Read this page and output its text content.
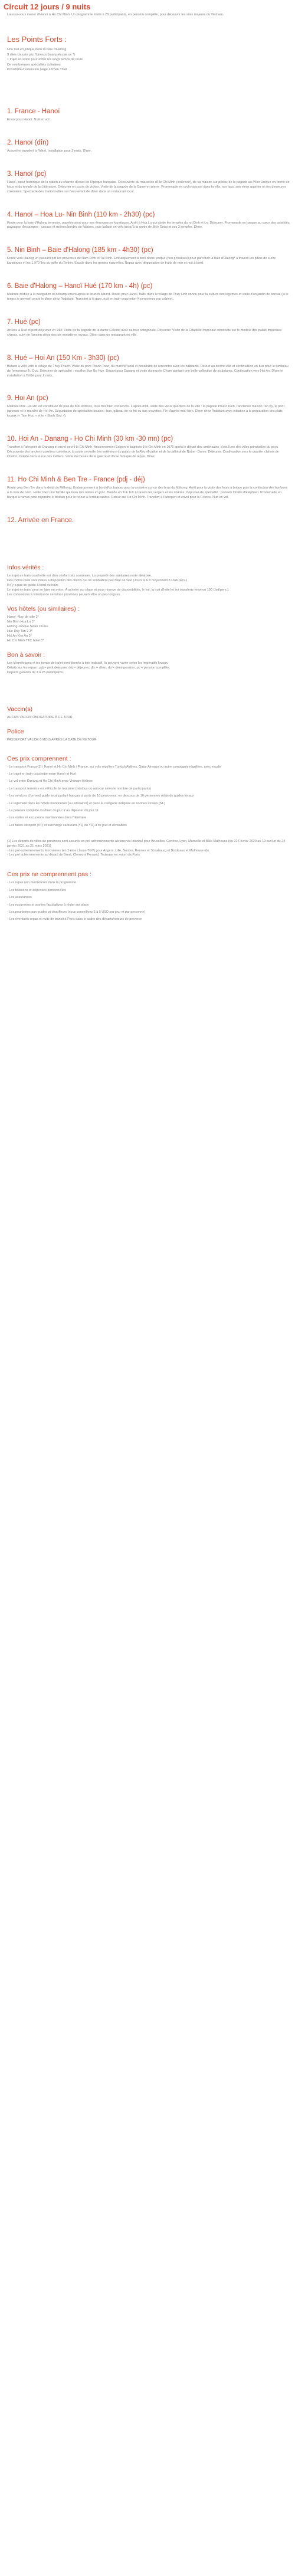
Circuit 12 jours / 9 nuits
Laissez-vous mener d'Hanoï à Ho Chi Minh. Un programme limité à 28 participants, en pension complète, pour découvrir les sites majeurs du Vietnam.
Les Points Forts :

Une nuit en jonque dans la baie d'Halong

3 sites classés par l'Unesco (marqués par un *)

1 trajet en avion pour éviter les longs temps de route

De nombreuses spécialités culinaires

Possibilité d'extension plage à Phan Thiet

1. France - Hanoï

Envol pour Hanoï. Nuit en vol.

2. Hanoï (dîn)

Accueil et transfert à l'hôtel. Installation pour 2 nuits. Dîner.

3. Hanoï (pc)

Hanoï, cœur historique de la nation au charme désuet de l'époque française. Découverte du mausolée d'Ho Chi Minh (extérieur), de sa maison sur pilotis, de la pagode au Pilier Unique en forme de lotus et du temple de la Littérature. Déjeuner en cours de visites. Visite de la pagode de la Dame en pierre. Promenade en cyclo-pousse dans la ville, ses lacs, son vieux quartier et ses demeures coloniales. Spectacle des marionnettes sur l'eau avant de dîner dans un restaurant local.

4. Hanoï – Hoa Lu- Nin Binh (110 km - 2h30) (pc)

Route pour la baie d'Halong terrestre, appelée ainsi pour ses émergences karstiques. Arrêt à Hoa Lu qui abrite les temples du roi Dinh et Le. Déjeuner. Promenade en barque au cœur des paisibles paysages d'estampes : canaux et rizières bordés de falaises, puis balade en vélo jusqu'à la grotte de Bich Dong et ses 3 temples. Dîner.

5. Nin Binh – Baie d'Halong (185 km - 4h30) (pc)

Route vers Halong en passant par les provinces de Nam Dinh et Tai Binh. Embarquement à bord d'une jonque (non privatisée) pour parcourir la baie d'Halong* à travers les pains de sucre karstiques et les 1.970 îles du golfe du Tonkin. Escale dans les grottes naturelles. Repas avec dégustation de fruits de mer et nuit à bord.

6. Baie d'Halong – Hanoï Hué (170 km - 4h) (pc)

Matinée dédiée à la navigation et débarquement après le brunch à bord. Route pour Hanoï, halte dans le village de Thuy Linh connu pour la culture des légumes et visite d'un jardin de bonsaï (si le temps le permet) avant le dîner chez l'habitant. Transfert à la gare, nuit en train-couchette (4 personnes par cabine).

7. Hué (pc)

Arrivée à Hué et petit déjeuner en ville. Visite de la pagode de la dame Céleste avec sa tour octogonale. Déjeuner. Visite de la Citadelle Impériale construite sur le modèle des palais impériaux chinois, suivi de l'ancien siège des six ministères royaux. Dîner dans un restaurant en ville.

8. Hué – Hoi An (150 Km - 3h30) (pc)

Balade à vélo vers le village de Thuy Thanh. Visite du pont Thanh Toan, du marché local et possibilité de rencontre avec les habitants. Retour au centre-ville et continuation en bus pour le tombeau de l'empereur Tu Duc. Déjeuner de spécialité : nouilles Bun Bo Hue. Départ pour Danang et visite du musée Cham abritant une belle collection de sculptures. Continuation vers Hoi An. Dîner et installation à l'hôtel pour 2 nuits.

9. Hoi An (pc)

Matinée libre. Hoi An est constituée de plus de 800 édifices, tous très bien conservés. L'après-midi, visite des vieux quartiers de la ville : la pagode Phuoc Kien, l'ancienne maison Tan Ky, le pont japonais et le marché de Hoi An. Dégustation de spécialités locales : bun, gâteau de riz frit ou aux crevettes. Fin d'après-midi libre. Dîner chez l'habitant avec initiation à la préparation des plats locaux (« Tam Huu » et le « Banh Xeo »).

10. Hoi An - Danang - Ho Chi Minh (30 km -30 mn) (pc)

Transfert à l'aéroport de Danang et envol pour Ho Chi Minh. Anciennement Saigon et baptisée Ho Chi Minh en 1976 après le départ des américains, c'est l'une des villes principales du pays. Découverte des anciens quartiers coloniaux, la poste centrale, les extérieurs du palais de la Réunification et de la cathédrale Notre - Dame. Déjeuner. Continuation vers le quartier chinois de Cholon, balade dans la rue des métiers. Visite du musée de la guerre et d'une fabrique de laque. Dîner.

11. Ho Chi Minh & Ben Tre - France (pdj - déj)

Route vers Ben Tre dans le delta du Mékong. Embarquement à bord d'un bateau pour la croisière sur un des bras du Mékong. Arrêt pour la visite des fours à brique puis la confection des bonbons à la noix de coco. Halte chez une famille qui tisse des nattes en jonc. Balade en Tuk Tuk à travers les vergers et les rizières. Déjeuner de spécialité : poisson Oreille d'Eléphant. Promenade en barque à rames pour rejoindre le bateau pour le retour à l'embarcadère. Retour sur Ho Chi Minh. Transfert à l'aéroport et envol pour la France. Nuit en vol.

12. Arrivée en France.
Infos vérités :

Le trajet en train-couchette est d'un confort très sommaire. La propreté des sanitaires reste aléatoire.

Des motos-taxis sont mises à disposition des clients qui ne souhaitent pas faire de vélo (Jours 4 & 8 moyennant 8 Usd/ pers.)

Il n'y a pas de guide à bord du train.

Le trajet en train, peut se faire en avion. À acheter sur place et sous réserve de disponibilités, le vol, la nuit d'hôtel et les transferts (environ 190 Usd/pers.).

Les connexions à Istanbul de certaines provinces peuvent être un peu longues.

Vos hôtels (ou similaires) :

Hanoï -May de ville 3*

Nin Binh Hoa Lu 3*

Halong Jonque Swan Cruise

Hue Duy Tan 2 3*

Hoi An Kim An 3*

Ho Chi Minh TTC hotel 3*

Bon à savoir :

Les kilométrages et les temps de trajet sont donnés à titre indicatif, ils peuvent varier selon les impératifs locaux.

Détails sur les repas : pdj = petit déjeuner, déj = déjeuner, dîn = dîner, dp = demi-pension, pc = pension complète.

Départs garantis de 3 à 28 participants.

Vaccin(s)

AUCUN VACCIN OBLIGATOIRE À CE JOUR

Police

PASSEPORT VALIDE 6 MOIS APRÈS LA DATE DE RETOUR

Ces prix comprennent :

- Le transport France(1) / Hanoï et Ho Chi Minh / France, sur vols réguliers Turkish Airlines, Qatar Airways ou autre compagnie régulière, avec escale

- Le trajet en train-couchette entre Hanoï et Hué

- Le vol entre Danang et Ho Chi Minh avec Vietnam Airlines

- Le transport terrestre en véhicule de tourisme (minibus ou autocar selon le nombre de participants)

- Les services d'un seul guide local parlant français à partir de 16 personnes, en dessous de 16 personnes relais de guides locaux

- Le logement dans les hôtels mentionnés (ou similaires) et dans la catégorie indiquée en normes locales (NL)

- La pension complète du dîner du jour 2 au déjeuner du jour 11

- Les visites et excursions mentionnées dans l'itinéraire

- Les taxes aéroport (XT) et surcharge carburant (YQ ou YR) à ce jour et révisables

(1) Les départs de villes de provinces sont assurés en pré acheminements aériens via Istanbul pour Bruxelles, Genève, Lyon, Marseille et Bâle-Mulhouse (du 02 Février 2020 au 19 avril et du 24 janvier 2021 au 21 mars 2021)
- Les pré-acheminements ferroviaires (en 2 ème classe TGV) pour Angers, Lille, Nantes, Rennes et Strasbourg et Bordeaux et Mulhouse (du
- Les pré acheminements au départ de Brest, Clermont Ferrand, Toulouse en avion via Paris
Ces prix ne comprennent pas :

- Les repas non mentionnés dans le programme

- Les boissons et dépenses personnelles

- Les assurances

- Les excursions et soirées facultatives à régler sur place

- Les pourboires aux guides et chauffeurs (nous conseillons 3 à 5 USD par jour et par personne)

- Les éventuels repas et nuits de transit à Paris dans le cadre des départs/retours de province
